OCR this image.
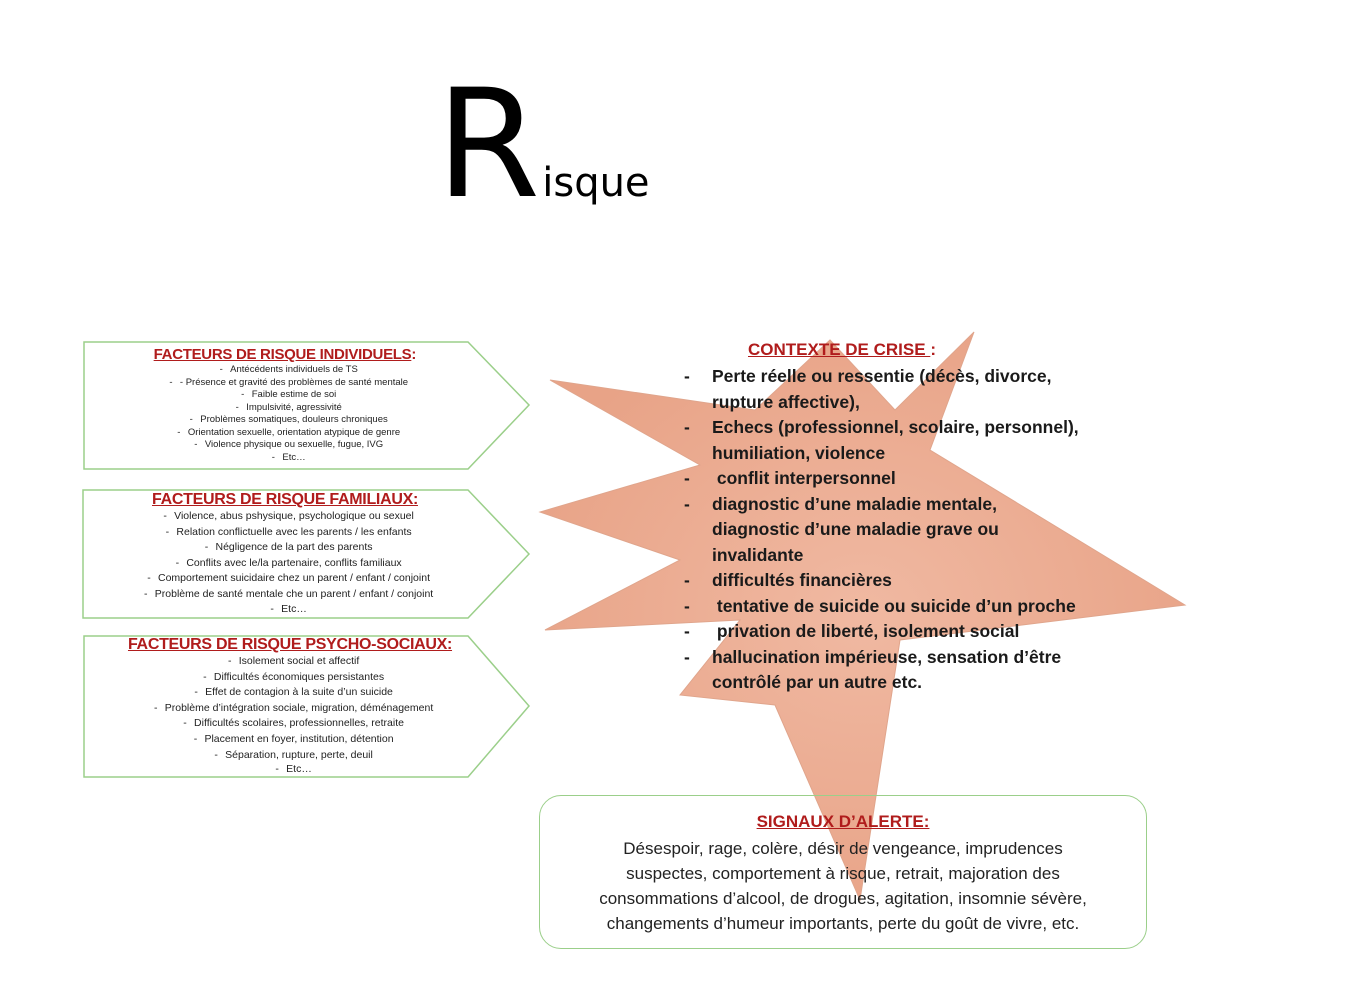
Risque
FACTEURS DE RISQUE INDIVIDUELS:
- Antécédents individuels de TS
- - Présence et gravité des problèmes de santé mentale
- Faible estime de soi
- Impulsivité, agressivité
- Problèmes somatiques, douleurs chroniques
- Orientation sexuelle, orientation atypique de genre
- Violence physique ou sexuelle, fugue, IVG
- Etc…
FACTEURS DE RISQUE FAMILIAUX:
- Violence, abus pshysique, psychologique ou sexuel
- Relation conflictuelle avec les parents / les enfants
- Négligence de la part des parents
- Conflits avec le/la partenaire, conflits familiaux
- Comportement suicidaire chez un parent / enfant / conjoint
- Problème de santé mentale che un parent / enfant / conjoint
- Etc…
FACTEURS DE RISQUE PSYCHO-SOCIAUX:
- Isolement social et affectif
- Difficultés économiques persistantes
- Effet de contagion à la suite d’un suicide
- Problème d’intégration sociale, migration, déménagement
- Difficultés scolaires, professionnelles, retraite
- Placement en foyer, institution, détention
- Séparation, rupture, perte, deuil
- Etc…
CONTEXTE DE CRISE :
- Perte réelle ou ressentie (décès, divorce, rupture affective),
- Echecs (professionnel, scolaire, personnel), humiliation, violence
- conflit interpersonnel
- diagnostic d’une maladie mentale, diagnostic d’une maladie grave ou invalidante
- difficultés financières
- tentative de suicide ou suicide d’un proche
- privation de liberté, isolement social
- hallucination impérieuse, sensation d’être contrôlé par un autre etc.
SIGNAUX D’ALERTE:
Désespoir, rage, colère, désir de vengeance, imprudences
suspectes, comportement à risque, retrait, majoration des
consommations d’alcool, de drogues, agitation, insomnie sévère,
changements d’humeur importants, perte du goût de vivre, etc.
